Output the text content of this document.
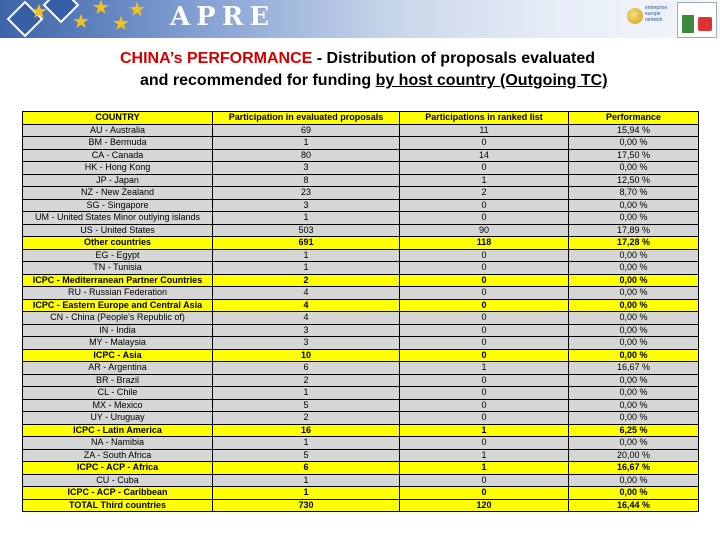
★ ★
★
★
★ APRE	enterprise europe network
CHINA’s PERFORMANCE - Distribution of proposals evaluated
and recommended for funding by host country (Outgoing TC)
COUNTRY	Participation in evaluated proposals	Participations in ranked list	Performance
AU - Australia	69	11	15,94 %
BM - Bermuda	1	0	0,00 %
CA - Canada	80	14	17,50 %
HK - Hong Kong	3	0	0,00 %
JP - Japan	8	1	12,50 %
NZ - New Zealand	23	2	8,70 %
SG - Singapore	3	0	0,00 %
UM - United States Minor outlying islands	1	0	0,00 %
US - United States	503	90	17,89 %
Other countries	691	118	17,28 %
EG - Egypt	1	0	0,00 %
TN - Tunisia	1	0	0,00 %
ICPC - Mediterranean Partner Countries	2	0	0,00 %
RU - Russian Federation	4	0	0,00 %
ICPC - Eastern Europe and Central Asia	4	0	0,00 %
CN - China (People's Republic of)	4	0	0,00 %
IN - India	3	0	0,00 %
MY - Malaysia	3	0	0,00 %
ICPC - Asia	10	0	0,00 %
AR - Argentina	6	1	16,67 %
BR - Brazil	2	0	0,00 %
CL - Chile	1	0	0,00 %
MX - Mexico	5	0	0,00 %
UY - Uruguay	2	0	0,00 %
ICPC - Latin America	16	1	6,25 %
NA - Namibia	1	0	0,00 %
ZA - South Africa	5	1	20,00 %
ICPC - ACP - Africa	6	1	16,67 %
CU - Cuba	1	0	0,00 %
ICPC - ACP - Caribbean	1	0	0,00 %
TOTAL Third countries	730	120	16,44 %
